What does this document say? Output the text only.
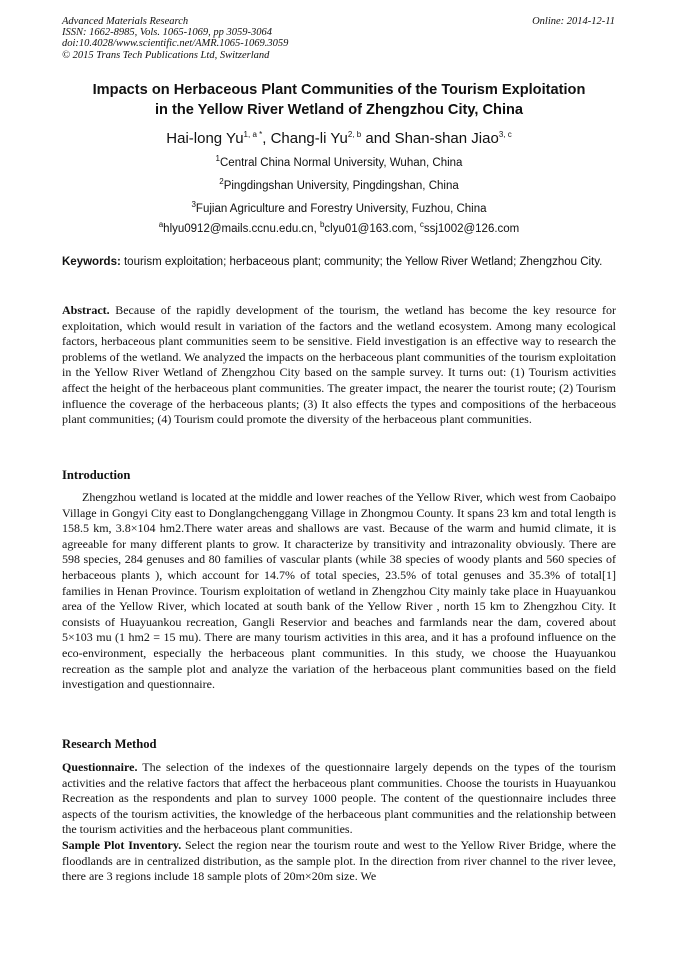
Advanced Materials Research
ISSN: 1662-8985, Vols. 1065-1069, pp 3059-3064
doi:10.4028/www.scientific.net/AMR.1065-1069.3059
© 2015 Trans Tech Publications Ltd, Switzerland
Online: 2014-12-11
Impacts on Herbaceous Plant Communities of the Tourism Exploitation
in the Yellow River Wetland of Zhengzhou City, China
Hai-long $Yu^{1, a *}$, Chang-li Yu$^{2, b}$ and Shan-shan Jiao$^{3, c}$
$^1$Central China Normal University, Wuhan, China
$^2$Pingdingshan University, Pingdingshan, China
$^3$Fujian Agriculture and Forestry University, Fuzhou, China
$^a$hlyu0912@mails.ccnu.edu.cn, $^b$clyu01@163.com, $^c$ssj1002@126.com
Keywords: tourism exploitation; herbaceous plant; community; the Yellow River Wetland; Zhengzhou City.

Abstract. Because of the rapidly development of the tourism, the wetland has become the key resource for exploitation, which would result in variation of the factors and the wetland ecosystem. Among many ecological factors, herbaceous plant communities seem to be sensitive. Field investigation is an effective way to research the problems of the wetland. We analyzed the impacts on the herbaceous plant communities of the tourism exploitation in the Yellow River Wetland of Zhengzhou City based on the sample survey. It turns out: (1) Tourism activities affect the height of the herbaceous plant communities. The greater impact, the nearer the tourist route; (2) Tourism influence the coverage of the herbaceous plants; (3) It also effects the types and compositions of the herbaceous plant communities; (4) Tourism could promote the diversity of the herbaceous plant communities.

Introduction

Zhengzhou wetland is located at the middle and lower reaches of the Yellow River, which west from Caobaipo Village in Gongyi City east to Donglangchenggang Village in Zhongmou County. It spans 23 km and total length is 158.5 km, 3.8×104 hm2.There water areas and shallows are vast. Because of the warm and humid climate, it is agreeable for many different plants to grow. It characterize by transitivity and intrazonality obviously. There are 598 species, 284 genuses and 80 families of vascular plants (while 38 species of woody plants and 560 species of herbaceous plants ), which account for 14.7% of total species, 23.5% of total genuses and 35.3% of total[1] families in Henan Province. Tourism exploitation of wetland in Zhengzhou City mainly take place in Huayuankou area of the Yellow River, which located at south bank of the Yellow River , north 15 km to Zhengzhou City. It consists of Huayuankou recreation, Gangli Reservior and beaches and farmlands near the dam, covered about 5×103 mu (1 hm2 = 15 mu). There are many tourism activities in this area, and it has a profound influence on the eco-environment, especially the herbaceous plant communities. In this study, we choose the Huayuankou recreation as the sample plot and analyze the variation of the herbaceous plant communities based on the field investigation and questionnaire.

Research Method

Questionnaire. The selection of the indexes of the questionnaire largely depends on the types of the tourism activities and the relative factors that affect the herbaceous plant communities. Choose the tourists in Huayuankou Recreation as the respondents and plan to survey 1000 people. The content of the questionnaire includes three aspects of the tourism activities, the knowledge of the herbaceous plant communities and the relationship between the tourism activities and the herbaceous plant communities.

Sample Plot Inventory. Select the region near the tourism route and west to the Yellow River Bridge, where the floodlands are in centralized distribution, as the sample plot. In the direction from river channel to the river levee, there are 3 regions include 18 sample plots of 20m×20m size. We
